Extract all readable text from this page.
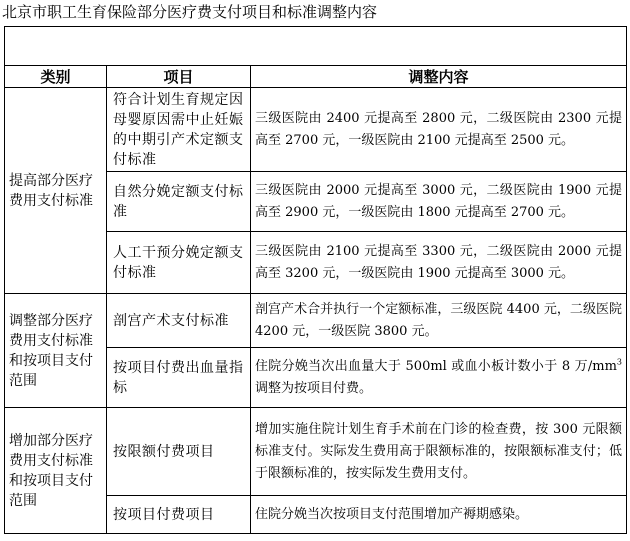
北京市职工生育保险部分医疗费支付项目和标准调整内容

类别	项目	调整内容
提高部分医疗费用支付标准	符合计划生育规定因母婴原因需中止妊娠的中期引产术定额支付标准	三级医院由 2400 元提高至 2800 元，二级医院由 2300 元提高至 2700 元，一级医院由 2100 元提高至 2500 元。
	自然分娩定额支付标准	三级医院由 2000 元提高至 3000 元，二级医院由 1900 元提高至 2900 元，一级医院由 1800 元提高至 2700 元。
	人工干预分娩定额支付标准	三级医院由 2100 元提高至 3300 元，二级医院由 2000 元提高至 3200 元，一级医院由 1900 元提高至 3000 元。
调整部分医疗费用支付标准和按项目支付范围	剖宫产术支付标准	剖宫产术合并执行一个定额标准，三级医院 4400 元，二级医院 4200 元，一级医院 3800 元。
	按项目付费出血量指标	住院分娩当次出血量大于 500ml 或血小板计数小于 8 万$/mm^3$调整为按项目付费。
增加部分医疗费用支付标准和按项目支付范围	按限额付费项目	增加实施住院计划生育手术前在门诊的检查费，按 300 元限额标准支付。实际发生费用高于限额标准的，按限额标准支付；低于限额标准的，按实际发生费用支付。
	按项目付费项目	住院分娩当次按项目支付范围增加产褥期感染。
